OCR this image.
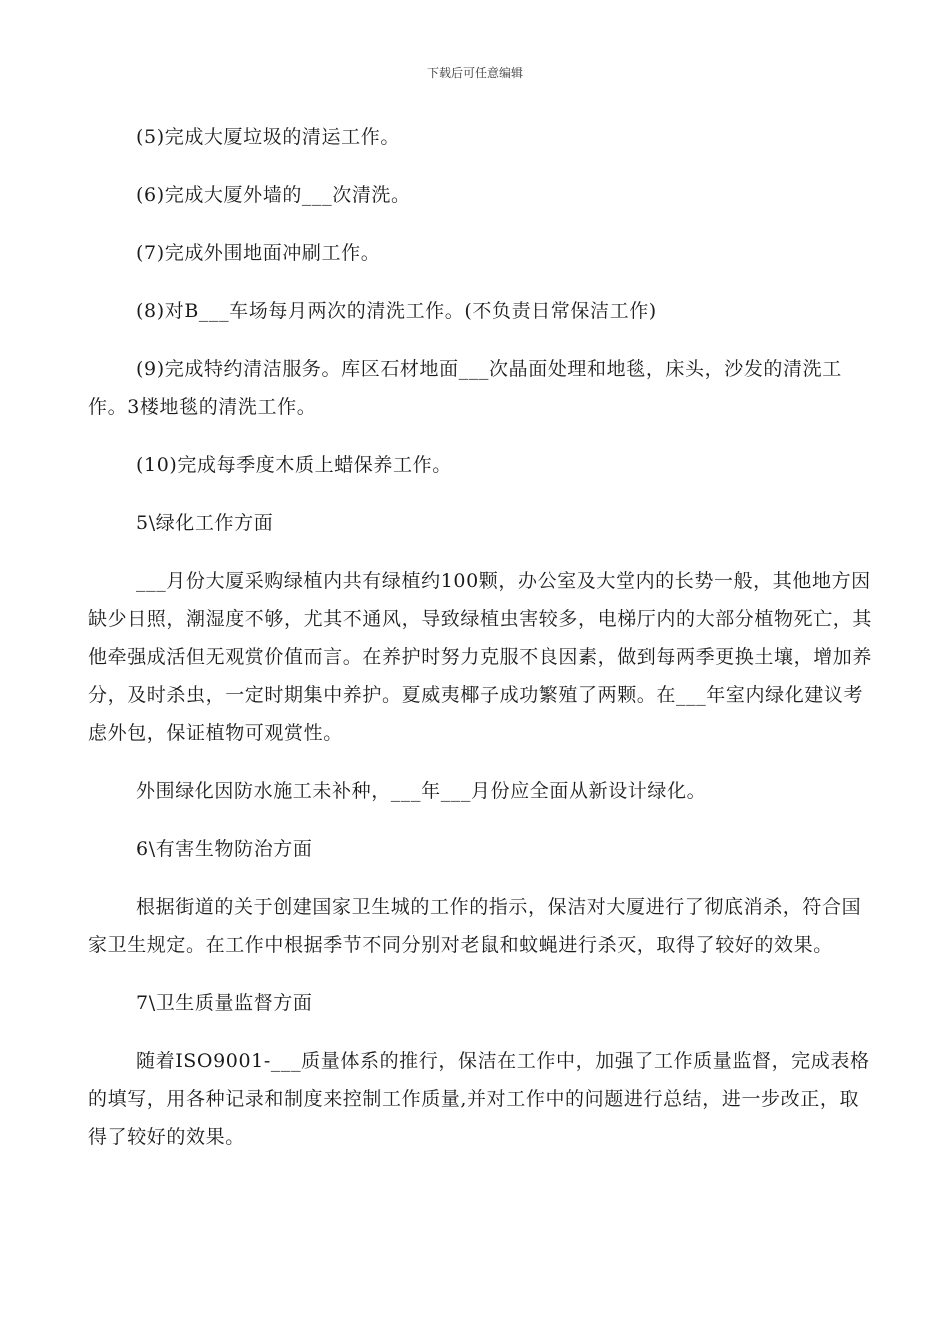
下载后可任意编辑

(5)完成大厦垃圾的清运工作。

(6)完成大厦外墙的___次清洗。

(7)完成外围地面冲刷工作。

(8)对B___车场每月两次的清洗工作。(不负责日常保洁工作)

(9)完成特约清洁服务。库区石材地面___次晶面处理和地毯，床头，沙发的清洗工作。3楼地毯的清洗工作。

(10)完成每季度木质上蜡保养工作。

5\绿化工作方面

___月份大厦采购绿植内共有绿植约100颗，办公室及大堂内的长势一般，其他地方因缺少日照，潮湿度不够，尤其不通风，导致绿植虫害较多，电梯厅内的大部分植物死亡，其他牵强成活但无观赏价值而言。在养护时努力克服不良因素，做到每两季更换土壤，增加养分，及时杀虫，一定时期集中养护。夏威夷椰子成功繁殖了两颗。在___年室内绿化建议考虑外包，保证植物可观赏性。

外围绿化因防水施工未补种，___年___月份应全面从新设计绿化。

6\有害生物防治方面

根据街道的关于创建国家卫生城的工作的指示，保洁对大厦进行了彻底消杀，符合国家卫生规定。在工作中根据季节不同分别对老鼠和蚊蝇进行杀灭，取得了较好的效果。

7\卫生质量监督方面

随着ISO9001-___质量体系的推行，保洁在工作中，加强了工作质量监督，完成表格的填写，用各种记录和制度来控制工作质量,并对工作中的问题进行总结，进一步改正，取得了较好的效果。
